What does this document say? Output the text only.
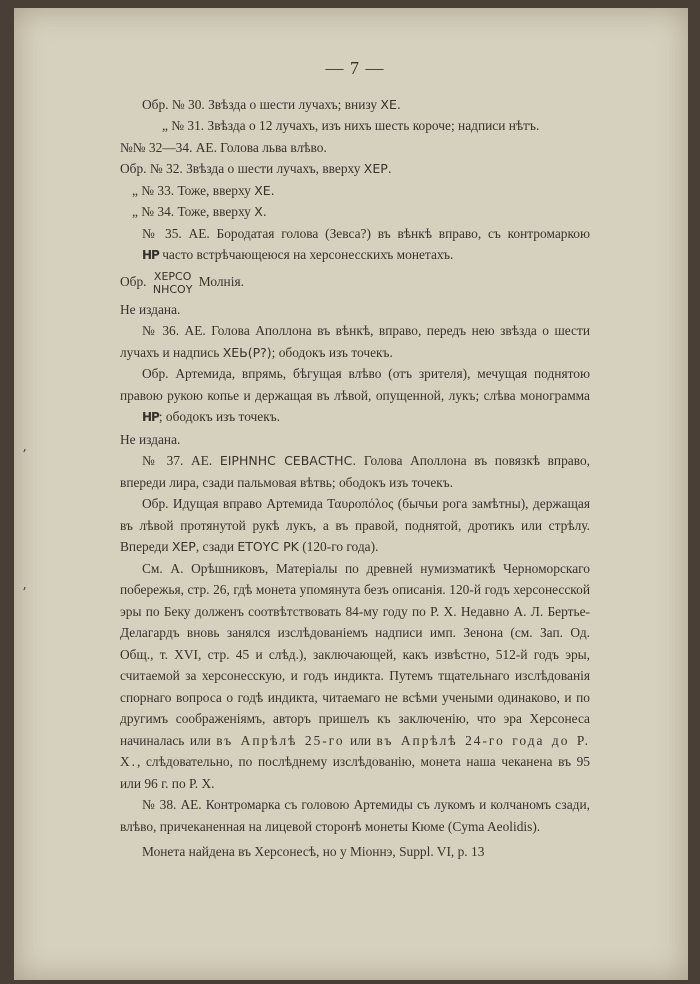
ʼ
ʼ
— 7 —

Обр. № 30. Звѣзда о шести лучахъ; внизу ХЕ.

„ № 31. Звѣзда о 12 лучахъ, изъ нихъ шесть короче; надписи нѣтъ.

№№ 32—34. АЕ. Голова льва влѣво.

Обр. № 32. Звѣзда о шести лучахъ, вверху ХЕР.

„ № 33. Тоже, вверху ХЕ.

„ № 34. Тоже, вверху Х.

№ 35. АЕ. Бородатая голова (Зевса?) въ вѣнкѣ вправо, съ контромаркою ΗΡ часто встрѣчающеюся на херсонесскихъ монетахъ.

Обр. ΧΕΡϹΟ
ΝΗϹΟΥ Молнія.

Не издана.

№ 36. АЕ. Голова Аполлона въ вѣнкѣ, вправо, передъ нею звѣзда о шести лучахъ и надпись ХЕЬ(Р?); ободокъ изъ точекъ.

Обр. Артемида, впрямь, бѣгущая влѣво (отъ зрителя), мечущая поднятою правою рукою копье и держащая въ лѣвой, опущенной, лукъ; слѣва монограмма ΗΡ; ободокъ изъ точекъ.

Не издана.

№ 37. АЕ. ΕΙΡΗΝΗϹ ϹΕΒΑϹΤΗϹ. Голова Аполлона въ повязкѣ вправо, впереди лира, сзади пальмовая вѣтвь; ободокъ изъ точекъ.

Обр. Идущая вправо Артемида Ταυροπόλος (бычьи рога замѣтны), держащая въ лѣвой протянутой рукѣ лукъ, а въ правой, поднятой, дротикъ или стрѣлу. Впереди ХЕР, сзади ΕΤΟΥϹ ΡΚ (120-го года).

См. А. Орѣшниковъ, Матеріалы по древней нумизматикѣ Черноморскаго побережья, стр. 26, гдѣ монета упомянута безъ описанія. 120-й годъ херсонесской эры по Беку долженъ соотвѣтствовать 84-му году по Р. Х. Недавно А. Л. Бертье-Делагардъ вновь занялся изслѣдованіемъ надписи имп. Зенона (см. Зап. Од. Общ., т. XVI, стр. 45 и слѣд.), заключающей, какъ извѣстно, 512-й годъ эры, считаемой за херсонесскую, и годъ индикта. Путемъ тщательнаго изслѣдованія спорнаго вопроса о годѣ индикта, читаемаго не всѣми учеными одинаково, и по другимъ соображеніямъ, авторъ пришелъ къ заключенію, что эра Херсонеса начиналась или въ Апрѣлѣ 25-го или въ Апрѣлѣ 24-го года до Р. Х., слѣдовательно, по послѣднему изслѣдованію, монета наша чеканена въ 95 или 96 г. по Р. Х.

№ 38. АЕ. Контромарка съ головою Артемиды съ лукомъ и колчаномъ сзади, влѣво, причеканенная на лицевой сторонѣ монеты Кюме (Cyma Aeolidis).

Монета найдена въ Херсонесѣ, но у Міоннэ, Suppl. VI, p. 13
